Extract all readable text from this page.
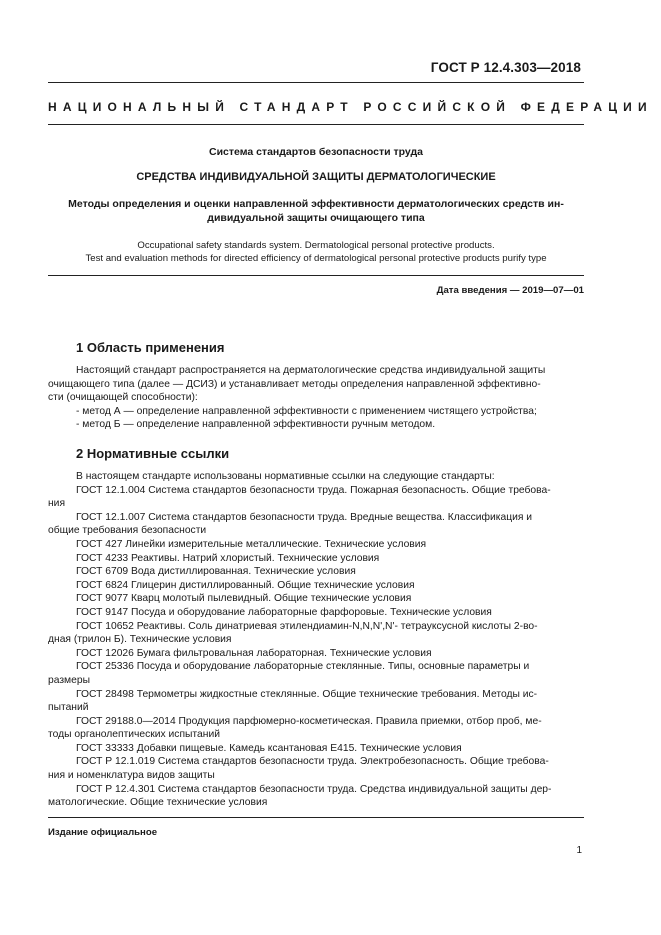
ГОСТ Р 12.4.303—2018
НАЦИОНАЛЬНЫЙ СТАНДАРТ РОССИЙСКОЙ ФЕДЕРАЦИИ
Система стандартов безопасности труда
СРЕДСТВА ИНДИВИДУАЛЬНОЙ ЗАЩИТЫ ДЕРМАТОЛОГИЧЕСКИЕ
Методы определения и оценки направленной эффективности дерматологических средств ин-
дивидуальной защиты очищающего типа
Occupational safety standards system. Dermatological personal protective products.
Test and evaluation methods for directed efficiency of dermatological personal protective products purify type
Дата введения — 2019—07—01
1 Область применения

Настоящий стандарт распространяется на дерматологические средства индивидуальной защиты

очищающего типа (далее — ДСИЗ) и устанавливает методы определения направленной эффективно-

сти (очищающей способности):

- метод А — определение направленной эффективности с применением чистящего устройства;

- метод Б — определение направленной эффективности ручным методом.

2 Нормативные ссылки

В настоящем стандарте использованы нормативные ссылки на следующие стандарты:

ГОСТ 12.1.004 Система стандартов безопасности труда. Пожарная безопасность. Общие требова-

ния

ГОСТ 12.1.007 Система стандартов безопасности труда. Вредные вещества. Классификация и

общие требования безопасности

ГОСТ 427 Линейки измерительные металлические. Технические условия

ГОСТ 4233 Реактивы. Натрий хлористый. Технические условия

ГОСТ 6709 Вода дистиллированная. Технические условия

ГОСТ 6824 Глицерин дистиллированный. Общие технические условия

ГОСТ 9077 Кварц молотый пылевидный. Общие технические условия

ГОСТ 9147 Посуда и оборудование лабораторные фарфоровые. Технические условия

ГОСТ 10652 Реактивы. Соль динатриевая этилендиамин-N,N,N',N'- тетрауксусной кислоты 2-во-

дная (трилон Б). Технические условия

ГОСТ 12026 Бумага фильтровальная лабораторная. Технические условия

ГОСТ 25336 Посуда и оборудование лабораторные стеклянные. Типы, основные параметры и

размеры

ГОСТ 28498 Термометры жидкостные стеклянные. Общие технические требования. Методы ис-

пытаний

ГОСТ 29188.0—2014 Продукция парфюмерно-косметическая. Правила приемки, отбор проб, ме-

тоды органолептических испытаний

ГОСТ 33333 Добавки пищевые. Камедь ксантановая Е415. Технические условия

ГОСТ Р 12.1.019 Система стандартов безопасности труда. Электробезопасность. Общие требова-

ния и номенклатура видов защиты

ГОСТ Р 12.4.301 Система стандартов безопасности труда. Средства индивидуальной защиты дер-

матологические. Общие технические условия

Издание официальное
1
